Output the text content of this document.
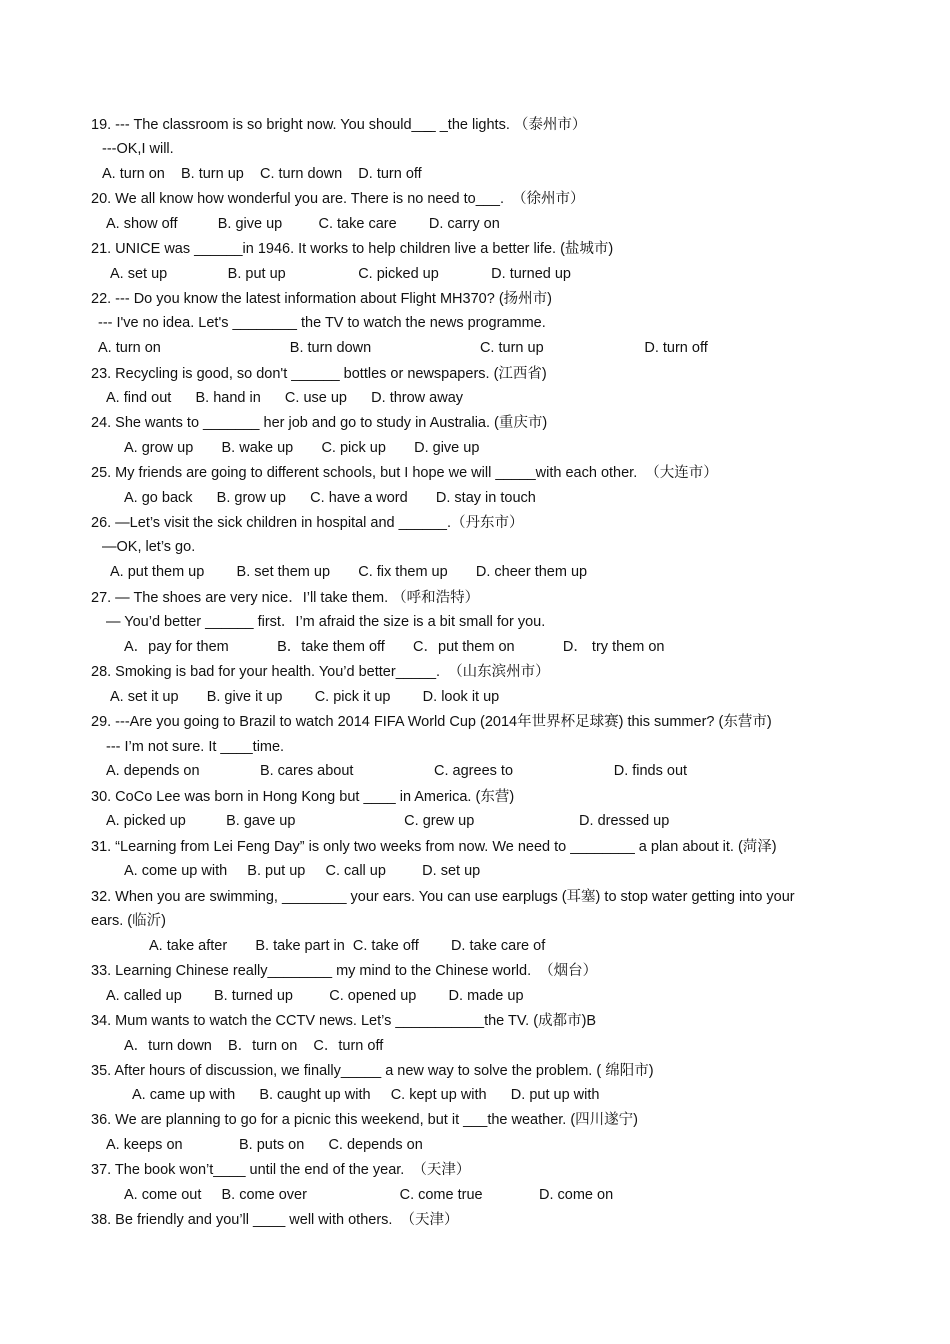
19. --- The classroom is so bright now. You should__̲_ _the lights. （泰州市）
---OK,I will.
A. turn on    B. turn up    C. turn down    D. turn off
20. We all know how wonderful you are. There is no need to___.  （徐州市）
A. show off          B. give up         C. take care        D. carry on
21. UNICE was ______in 1946. It works to help children live a better life. (盐城市)
A. set up               B. put up                  C. picked up             D. turned up
22. --- Do you know the latest information about Flight MH370? (扬州市)
--- I've no idea. Let's ________ the TV to watch the news programme.
A. turn on                                B. turn down                           C. turn up                         D. turn off
23. Recycling is good, so don't ______ bottles or newspapers. (江西省)
A. find out      B. hand in      C. use up      D. throw away
24. She wants to _______ her job and go to study in Australia. (重庆市)
A. grow up       B. wake up       C. pick up       D. give up
25. My friends are going to different schools, but I hope we will _____with each other.  （大连市）
A. go back      B. grow up      C. have a word       D. stay in touch
26. —Let’s visit the sick children in hospital and ______.（丹东市）
—OK, let’s go.
A. put them up        B. set them up       C. fix them up       D. cheer them up
27. — The shoes are very nice．I’ll take them. （呼和浩特）
— You’d better ______ first．I’m afraid the size is a bit small for you.
A．pay for them            B．take them off       C．put them on            D． try them on
28. Smoking is bad for your health. You’d better_____.  （山东滨州市）
A. set it up       B. give it up        C. pick it up        D. look it up
29. ---Are you going to Brazil to watch 2014 FIFA World Cup (2014年世界杯足球赛) this summer? (东营市)
--- I’m not sure. It ____time.
A. depends on               B. cares about                    C. agrees to                         D. finds out
30. CoCo Lee was born in Hong Kong but ____ in America. (东营)
A. picked up          B. gave up                           C. grew up                          D. dressed up
31. “Learning from Lei Feng Day” is only two weeks from now. We need to ________ a plan about it. (菏泽)
A. come up with     B. put up     C. call up         D. set up
32. When you are swimming, ________ your ears. You can use earplugs (耳塞) to stop water getting into your
ears. (临沂)
A. take after       B. take part in  C. take off        D. take care of
33. Learning Chinese really________ my mind to the Chinese world.  （烟台）
A. called up        B. turned up         C. opened up        D. made up
34. Mum wants to watch the CCTV news. Let’s ___________the TV. (成都市)B
A．turn down    B．turn on    C．turn off
35. After hours of discussion, we finally_____ a new way to solve the problem. ( 绵阳市)
A. came up with      B. caught up with     C. kept up with      D. put up with
36. We are planning to go for a picnic this weekend, but it ___the weather. (四川遂宁)
A. keeps on              B. puts on      C. depends on
37. The book won’t____ until the end of the year.  （天津）
A. come out     B. come over                       C. come true              D. come on
38. Be friendly and you’ll ____ well with others.  （天津）
